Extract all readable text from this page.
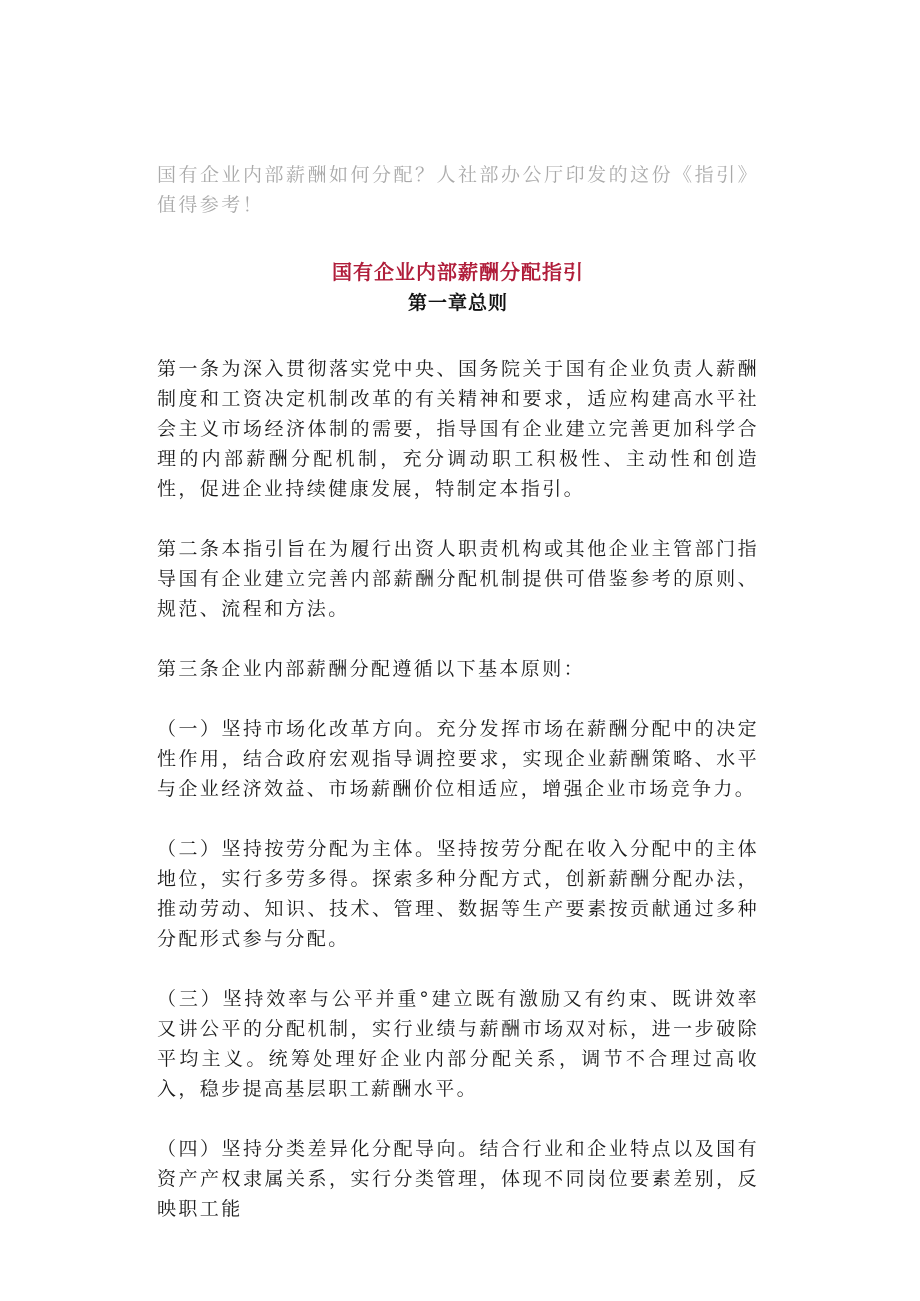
国有企业内部薪酬如何分配？人社部办公厅印发的这份《指引》值得参考！

国有企业内部薪酬分配指引
第一章总则

第一条为深入贯彻落实党中央、国务院关于国有企业负责人薪酬制度和工资决定机制改革的有关精神和要求，适应构建高水平社会主义市场经济体制的需要，指导国有企业建立完善更加科学合理的内部薪酬分配机制，充分调动职工积极性、主动性和创造性，促进企业持续健康发展，特制定本指引。

第二条本指引旨在为履行出资人职责机构或其他企业主管部门指导国有企业建立完善内部薪酬分配机制提供可借鉴参考的原则、规范、流程和方法。

第三条企业内部薪酬分配遵循以下基本原则：

（一）坚持市场化改革方向。充分发挥市场在薪酬分配中的决定性作用，结合政府宏观指导调控要求，实现企业薪酬策略、水平与企业经济效益、市场薪酬价位相适应，增强企业市场竞争力。

（二）坚持按劳分配为主体。坚持按劳分配在收入分配中的主体地位，实行多劳多得。探索多种分配方式，创新薪酬分配办法，推动劳动、知识、技术、管理、数据等生产要素按贡献通过多种分配形式参与分配。

（三）坚持效率与公平并重°建立既有激励又有约束、既讲效率又讲公平的分配机制，实行业绩与薪酬市场双对标，进一步破除平均主义。统筹处理好企业内部分配关系，调节不合理过高收入，稳步提高基层职工薪酬水平。

（四）坚持分类差异化分配导向。结合行业和企业特点以及国有资产产权隶属关系，实行分类管理，体现不同岗位要素差别，反映职工能
